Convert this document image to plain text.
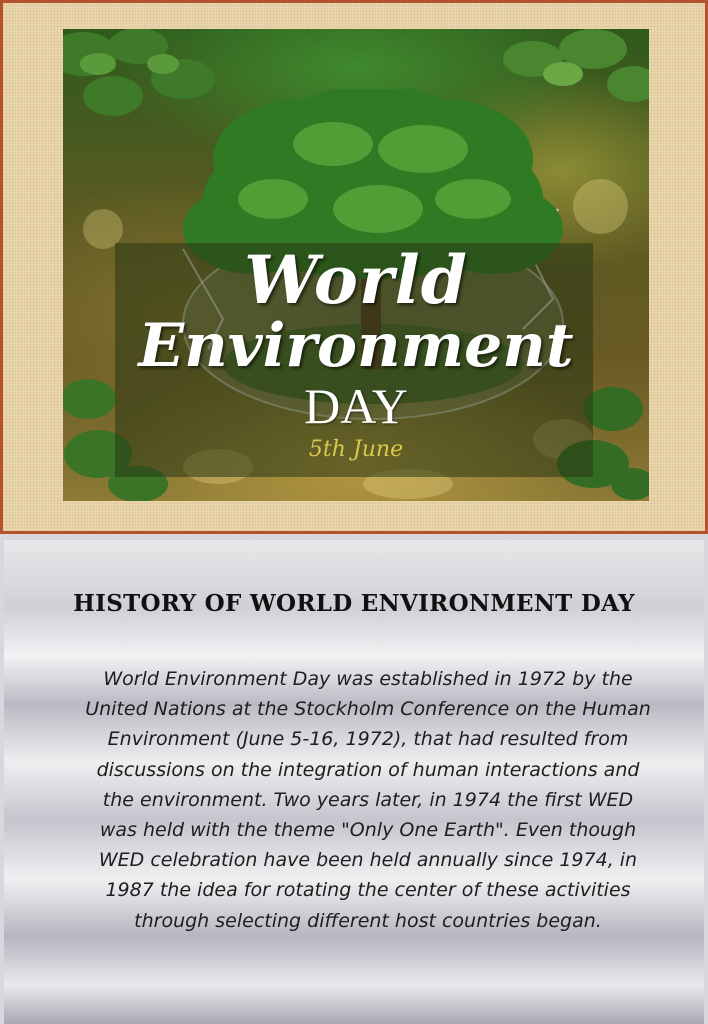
World
Environment
DAY
5th June
HISTORY OF WORLD ENVIRONMENT DAY
World Environment Day was established in 1972 by the United Nations at the Stockholm Conference on the Human Environment (June 5-16, 1972), that had resulted from discussions on the integration of human interactions and the environment. Two years later, in 1974 the first WED was held with the theme "Only One Earth". Even though WED celebration have been held annually since 1974, in 1987 the idea for rotating the center of these activities through selecting different host countries began.
